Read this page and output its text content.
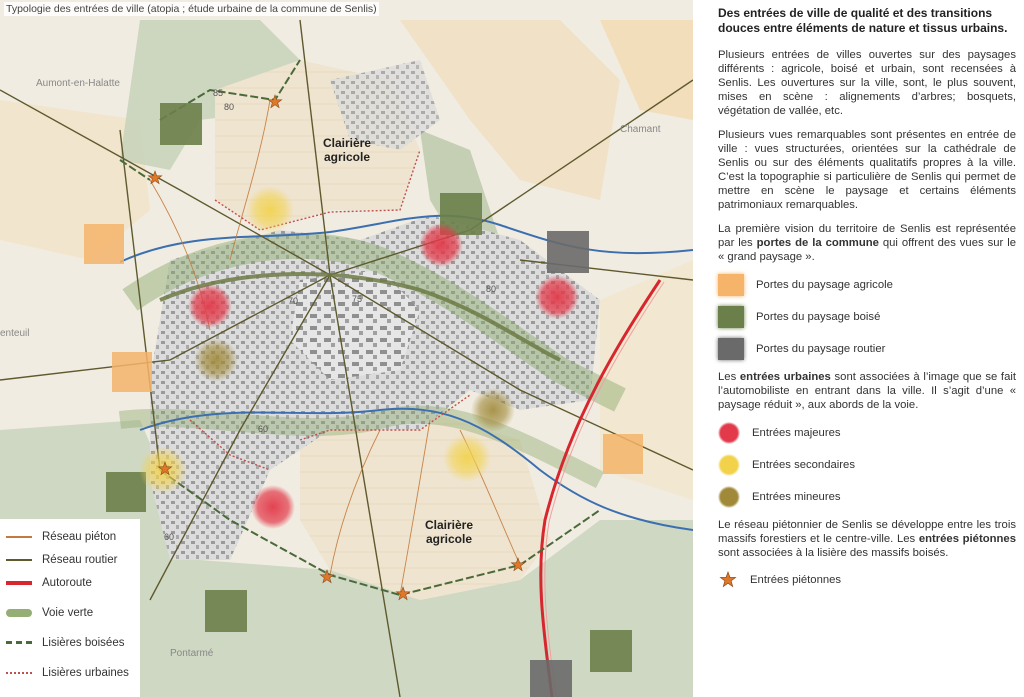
Typologie des entrées de ville (atopia ; étude urbaine de la commune de Senlis)
Aumont-en-Halatte
Chamant
enteuil
Pontarmé
Clairière agricole
Clairière agricole
85
80
70	75
80
60
60
Réseau piéton
Réseau routier
Autoroute
Voie verte
Lisières boisées
Lisières urbaines
Des entrées de ville de qualité et des transitions douces entre éléments de nature et tissus urbains.

Plusieurs entrées de villes ouvertes sur des paysages différents : agricole, boisé et urbain, sont recensées à Senlis. Les ouvertures sur la ville, sont, le plus souvent, mises en scène : alignements d’arbres; bosquets, végétation de vallée, etc.

Plusieurs vues remarquables sont présentes en entrée de ville : vues structurées, orientées sur la cathédrale de Senlis ou sur des éléments qualitatifs propres à la ville. C’est la topographie si particulière de Senlis qui permet de mettre en scène le paysage et certains éléments patrimoniaux remarquables.

La première vision du territoire de Senlis est représentée par les portes de la commune qui offrent des vues sur le « grand paysage ».

Portes du paysage agricole
Portes du paysage boisé
Portes du paysage routier

Les entrées urbaines sont associées à l’image que se fait l’automobiliste en entrant dans la ville. Il s’agit d’une « paysage réduit », aux abords de la voie.

Entrées majeures
Entrées secondaires
Entrées mineures

Le réseau piétonnier de Senlis se développe entre les trois massifs forestiers et le centre-ville. Les entrées piétonnes sont associées à la lisière des massifs boisés.

Entrées piétonnes
